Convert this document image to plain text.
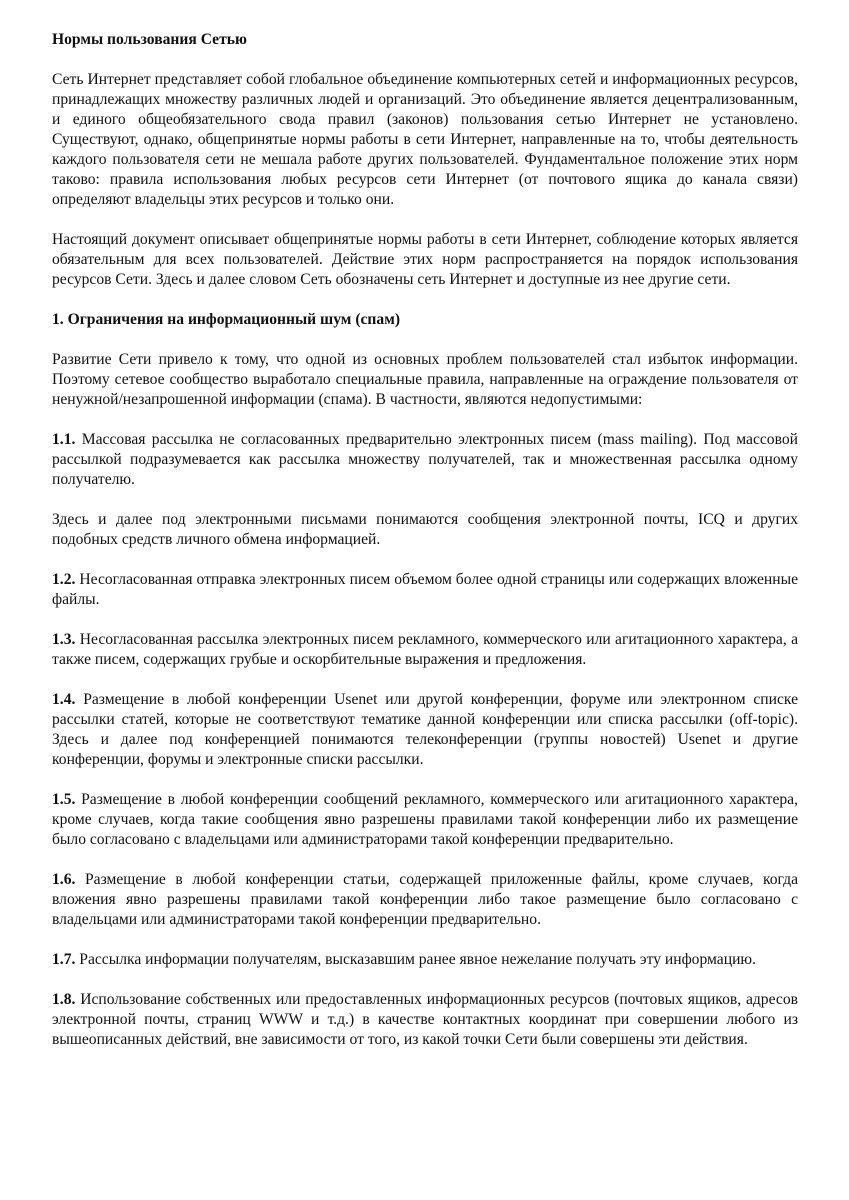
Нормы пользования Сетью

Сеть Интернет представляет собой глобальное объединение компьютерных сетей и информационных ресурсов, принадлежащих множеству различных людей и организаций. Это объединение является децентрализованным, и единого общеобязательного свода правил (законов) пользования сетью Интернет не установлено. Существуют, однако, общепринятые нормы работы в сети Интернет, направленные на то, чтобы деятельность каждого пользователя сети не мешала работе других пользователей. Фундаментальное положение этих норм таково: правила использования любых ресурсов сети Интернет (от почтового ящика до канала связи) определяют владельцы этих ресурсов и только они.

Настоящий документ описывает общепринятые нормы работы в сети Интернет, соблюдение которых является обязательным для всех пользователей. Действие этих норм распространяется на порядок использования ресурсов Сети. Здесь и далее словом Сеть обозначены сеть Интернет и доступные из нее другие сети.

1. Ограничения на информационный шум (спам)

Развитие Сети привело к тому, что одной из основных проблем пользователей стал избыток информации. Поэтому сетевое сообщество выработало специальные правила, направленные на ограждение пользователя от ненужной/незапрошенной информации (спама). В частности, являются недопустимыми:

1.1. Массовая рассылка не согласованных предварительно электронных писем (mass mailing). Под массовой рассылкой подразумевается как рассылка множеству получателей, так и множественная рассылка одному получателю.

Здесь и далее под электронными письмами понимаются сообщения электронной почты, ICQ и других подобных средств личного обмена информацией.

1.2. Несогласованная отправка электронных писем объемом более одной страницы или содержащих вложенные файлы.

1.3. Несогласованная рассылка электронных писем рекламного, коммерческого или агитационного характера, а также писем, содержащих грубые и оскорбительные выражения и предложения.

1.4. Размещение в любой конференции Usenet или другой конференции, форуме или электронном списке рассылки статей, которые не соответствуют тематике данной конференции или списка рассылки (off-topic). Здесь и далее под конференцией понимаются телеконференции (группы новостей) Usenet и другие конференции, форумы и электронные списки рассылки.

1.5. Размещение в любой конференции сообщений рекламного, коммерческого или агитационного характера, кроме случаев, когда такие сообщения явно разрешены правилами такой конференции либо их размещение было согласовано с владельцами или администраторами такой конференции предварительно.

1.6. Размещение в любой конференции статьи, содержащей приложенные файлы, кроме случаев, когда вложения явно разрешены правилами такой конференции либо такое размещение было согласовано с владельцами или администраторами такой конференции предварительно.

1.7. Рассылка информации получателям, высказавшим ранее явное нежелание получать эту информацию.

1.8. Использование собственных или предоставленных информационных ресурсов (почтовых ящиков, адресов электронной почты, страниц WWW и т.д.) в качестве контактных координат при совершении любого из вышеописанных действий, вне зависимости от того, из какой точки Сети были совершены эти действия.
